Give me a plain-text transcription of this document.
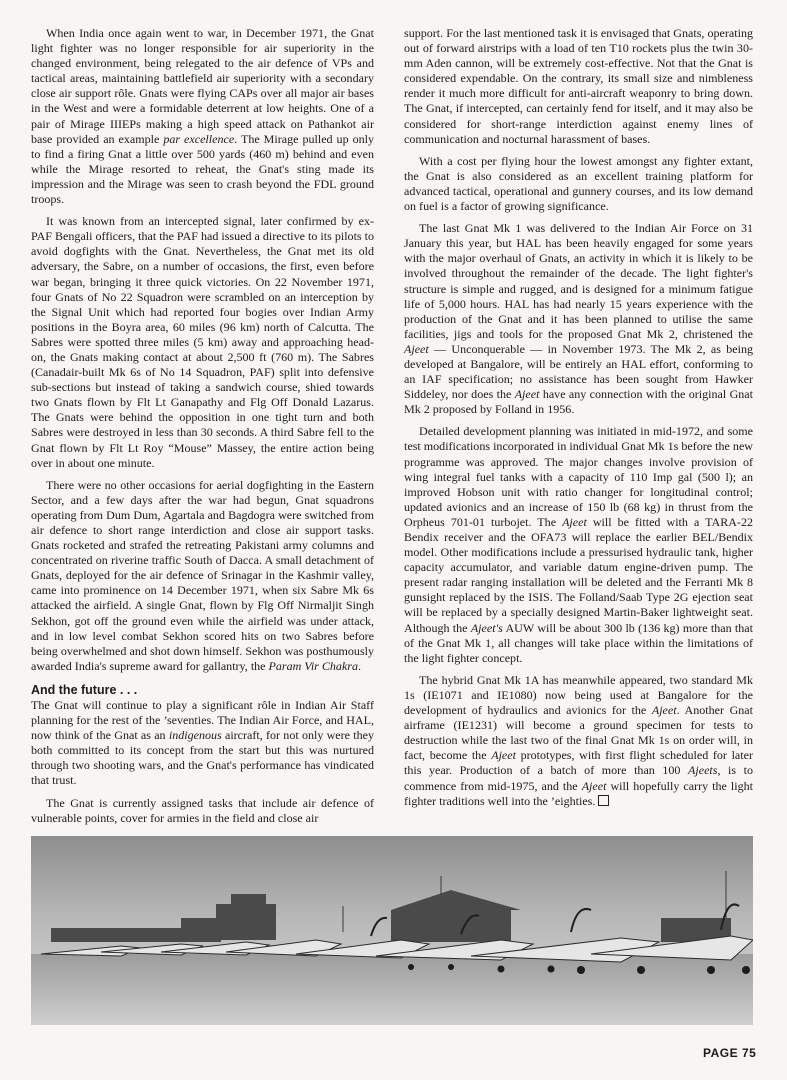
When India once again went to war, in December 1971, the Gnat light fighter was no longer responsible for air superiority in the changed environment, being relegated to the air defence of VPs and tactical areas, maintaining battlefield air superiority with a secondary close air support rôle. Gnats were flying CAPs over all major air bases in the West and were a formidable deterrent at low heights. One of a pair of Mirage IIIEPs making a high speed attack on Pathankot air base provided an example par excellence. The Mirage pulled up only to find a firing Gnat a little over 500 yards (460 m) behind and even while the Mirage resorted to reheat, the Gnat's sting made its impression and the Mirage was seen to crash beyond the FDL ground troops.

It was known from an intercepted signal, later confirmed by ex-PAF Bengali officers, that the PAF had issued a directive to its pilots to avoid dogfights with the Gnat. Nevertheless, the Gnat met its old adversary, the Sabre, on a number of occasions, the first, even before war began, bringing it three quick victories. On 22 November 1971, four Gnats of No 22 Squadron were scrambled on an interception by the Signal Unit which had reported four bogies over Indian Army positions in the Boyra area, 60 miles (96 km) north of Calcutta. The Sabres were spotted three miles (5 km) away and approaching head-on, the Gnats making contact at about 2,500 ft (760 m). The Sabres (Canadair-built Mk 6s of No 14 Squadron, PAF) split into defensive sub-sections but instead of taking a sandwich course, shied towards two Gnats flown by Flt Lt Ganapathy and Flg Off Donald Lazarus. The Gnats were behind the opposition in one tight turn and both Sabres were destroyed in less than 30 seconds. A third Sabre fell to the Gnat flown by Flt Lt Roy “Mouse” Massey, the entire action being over in about one minute.

There were no other occasions for aerial dogfighting in the Eastern Sector, and a few days after the war had begun, Gnat squadrons operating from Dum Dum, Agartala and Bagdogra were switched from air defence to short range interdiction and close air support tasks. Gnats rocketed and strafed the retreating Pakistani army columns and concentrated on riverine traffic South of Dacca. A small detachment of Gnats, deployed for the air defence of Srinagar in the Kashmir valley, came into prominence on 14 December 1971, when six Sabre Mk 6s attacked the airfield. A single Gnat, flown by Flg Off Nirmaljit Singh Sekhon, got off the ground even while the airfield was under attack, and in low level combat Sekhon scored hits on two Sabres before being overwhelmed and shot down himself. Sekhon was posthumously awarded India's supreme award for gallantry, the Param Vir Chakra.

And the future . . .

The Gnat will continue to play a significant rôle in Indian Air Staff planning for the rest of the ’seventies. The Indian Air Force, and HAL, now think of the Gnat as an indigenous aircraft, for not only were they both committed to its concept from the start but this was nurtured through two shooting wars, and the Gnat's performance has vindicated that trust.

The Gnat is currently assigned tasks that include air defence of vulnerable points, cover for armies in the field and close air

support. For the last mentioned task it is envisaged that Gnats, operating out of forward airstrips with a load of ten T10 rockets plus the twin 30-mm Aden cannon, will be extremely cost-effective. Not that the Gnat is considered expendable. On the contrary, its small size and nimbleness render it much more difficult for anti-aircraft weaponry to bring down. The Gnat, if intercepted, can certainly fend for itself, and it may also be considered for short-range interdiction against enemy lines of communication and nocturnal harassment of bases.

With a cost per flying hour the lowest amongst any fighter extant, the Gnat is also considered as an excellent training platform for advanced tactical, operational and gunnery courses, and its low demand on fuel is a factor of growing significance.

The last Gnat Mk 1 was delivered to the Indian Air Force on 31 January this year, but HAL has been heavily engaged for some years with the major overhaul of Gnats, an activity in which it is likely to be involved throughout the remainder of the decade. The light fighter's structure is simple and rugged, and is designed for a minimum fatigue life of 5,000 hours. HAL has had nearly 15 years experience with the production of the Gnat and it has been planned to utilise the same facilities, jigs and tools for the proposed Gnat Mk 2, christened the Ajeet — Unconquerable — in November 1973. The Mk 2, as being developed at Bangalore, will be entirely an HAL effort, conforming to an IAF specification; no assistance has been sought from Hawker Siddeley, nor does the Ajeet have any connection with the original Gnat Mk 2 proposed by Folland in 1956.

Detailed development planning was initiated in mid-1972, and some test modifications incorporated in individual Gnat Mk 1s before the new programme was approved. The major changes involve provision of wing integral fuel tanks with a capacity of 110 Imp gal (500 l); an improved Hobson unit with ratio changer for longitudinal control; updated avionics and an increase of 150 lb (68 kg) in thrust from the Orpheus 701-01 turbojet. The Ajeet will be fitted with a TARA-22 Bendix receiver and the OFA73 will replace the earlier BEL/Bendix model. Other modifications include a pressurised hydraulic tank, higher capacity accumulator, and variable datum engine-driven pump. The present radar ranging installation will be deleted and the Ferranti Mk 8 gunsight replaced by the ISIS. The Folland/Saab Type 2G ejection seat will be replaced by a specially designed Martin-Baker lightweight seat. Although the Ajeet's AUW will be about 300 lb (136 kg) more than that of the Gnat Mk 1, all changes will take place within the limitations of the light fighter concept.

The hybrid Gnat Mk 1A has meanwhile appeared, two standard Mk 1s (IE1071 and IE1080) now being used at Bangalore for the development of hydraulics and avionics for the Ajeet. Another Gnat airframe (IE1231) will become a ground specimen for tests to destruction while the last two of the final Gnat Mk 1s on order will, in fact, become the Ajeet prototypes, with first flight scheduled for later this year. Production of a batch of more than 100 Ajeets, is to commence from mid-1975, and the Ajeet will hopefully carry the light fighter traditions well into the ’eighties.

PAGE 75
